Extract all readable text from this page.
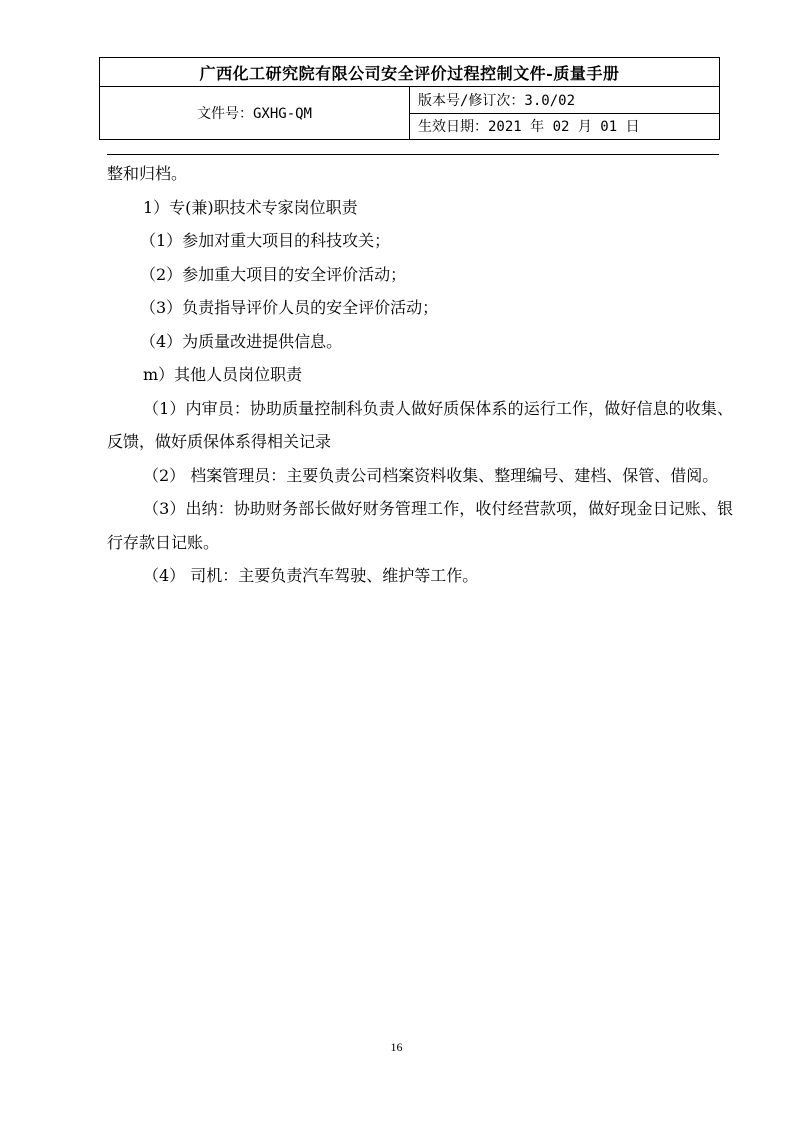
广西化工研究院有限公司安全评价过程控制文件-质量手册
文件号：GXHG-QM	版本号/修订次：3.0/02
生效日期：2021 年 02 月 01 日

整和归档。

1）专(兼)职技术专家岗位职责

（1）参加对重大项目的科技攻关；

（2）参加重大项目的安全评价活动；

（3）负责指导评价人员的安全评价活动；

（4）为质量改进提供信息。

m）其他人员岗位职责

（1）内审员：协助质量控制科负责人做好质保体系的运行工作，做好信息的收集、反馈，做好质保体系得相关记录

（2） 档案管理员：主要负责公司档案资料收集、整理编号、建档、保管、借阅。

（3）出纳：协助财务部长做好财务管理工作，收付经营款项，做好现金日记账、银行存款日记账。

（4） 司机：主要负责汽车驾驶、维护等工作。

16
